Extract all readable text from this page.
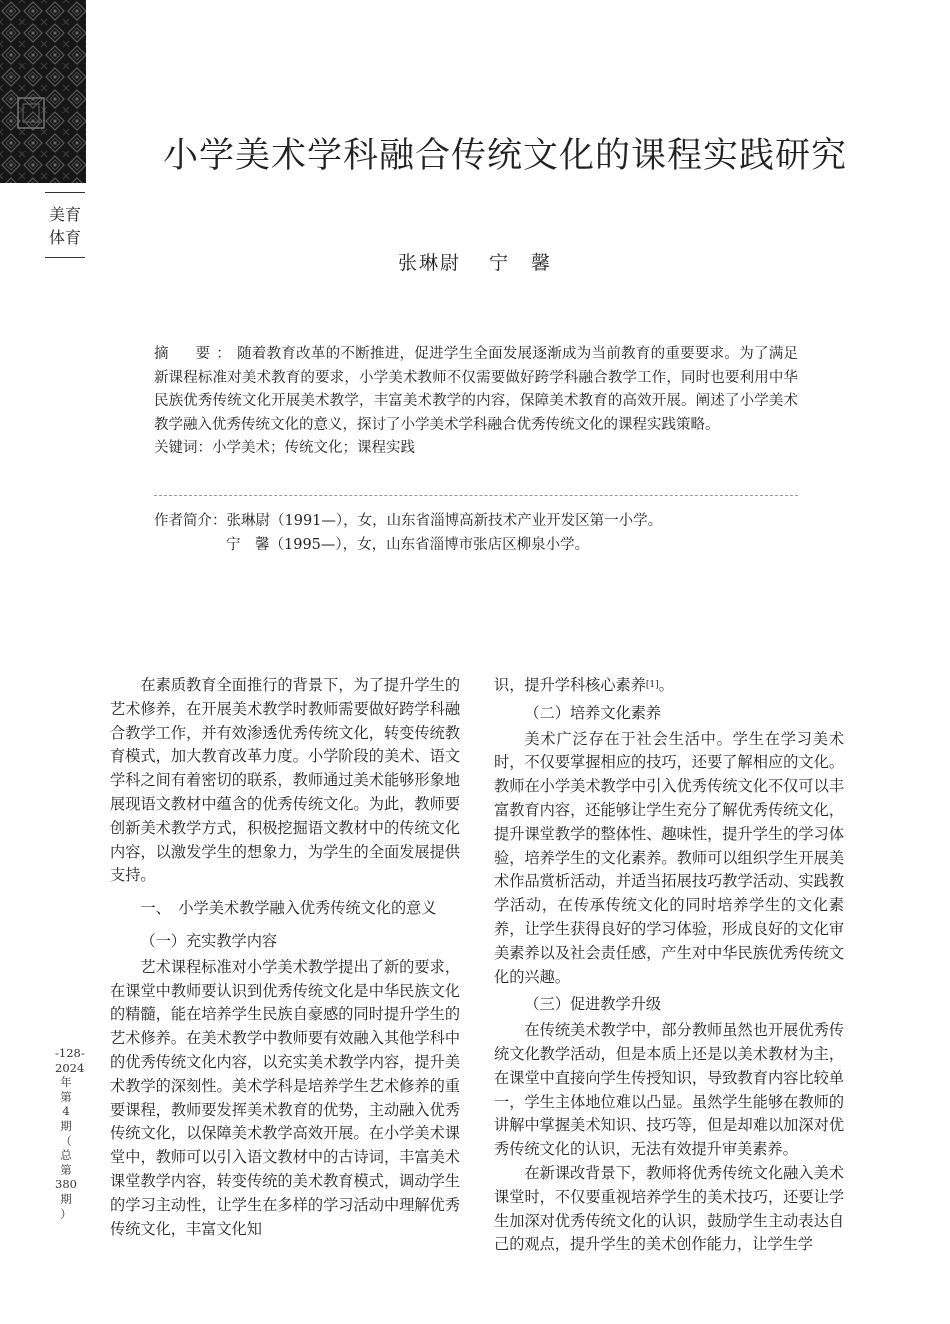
美育
体育
小学美术学科融合传统文化的课程实践研究
张琳尉 宁　馨

摘　要：随着教育改革的不断推进，促进学生全面发展逐渐成为当前教育的重要要求。为了满足新课程标准对美术教育的要求，小学美术教师不仅需要做好跨学科融合教学工作，同时也要利用中华民族优秀传统文化开展美术教学，丰富美术教学的内容，保障美术教育的高效开展。阐述了小学美术教学融入优秀传统文化的意义，探讨了小学美术学科融合优秀传统文化的课程实践策略。

关键词：小学美术；传统文化；课程实践

作者简介：张琳尉（1991—），女，山东省淄博高新技术产业开发区第一小学。
宁　馨（1995—），女，山东省淄博市张店区柳泉小学。

在素质教育全面推行的背景下，为了提升学生的艺术修养，在开展美术教学时教师需要做好跨学科融合教学工作，并有效渗透优秀传统文化，转变传统教育模式，加大教育改革力度。小学阶段的美术、语文学科之间有着密切的联系，教师通过美术能够形象地展现语文教材中蕴含的优秀传统文化。为此，教师要创新美术教学方式，积极挖掘语文教材中的传统文化内容，以激发学生的想象力，为学生的全面发展提供支持。

一、　小学美术教学融入优秀传统文化的意义

（一）充实教学内容

艺术课程标准对小学美术教学提出了新的要求，在课堂中教师要认识到优秀传统文化是中华民族文化的精髓，能在培养学生民族自豪感的同时提升学生的艺术修养。在美术教学中教师要有效融入其他学科中的优秀传统文化内容，以充实美术教学内容，提升美术教学的深刻性。美术学科是培养学生艺术修养的重要课程，教师要发挥美术教育的优势，主动融入优秀传统文化，以保障美术教学高效开展。在小学美术课堂中，教师可以引入语文教材中的古诗词，丰富美术课堂教学内容，转变传统的美术教育模式，调动学生的学习主动性，让学生在多样的学习活动中理解优秀传统文化，丰富文化知

识，提升学科核心素养[1]。

（二）培养文化素养

美术广泛存在于社会生活中。学生在学习美术时，不仅要掌握相应的技巧，还要了解相应的文化。教师在小学美术教学中引入优秀传统文化不仅可以丰富教育内容，还能够让学生充分了解优秀传统文化，提升课堂教学的整体性、趣味性，提升学生的学习体验，培养学生的文化素养。教师可以组织学生开展美术作品赏析活动，并适当拓展技巧教学活动、实践教学活动，在传承传统文化的同时培养学生的文化素养，让学生获得良好的学习体验，形成良好的文化审美素养以及社会责任感，产生对中华民族优秀传统文化的兴趣。

（三）促进教学升级

在传统美术教学中，部分教师虽然也开展优秀传统文化教学活动，但是本质上还是以美术教材为主，在课堂中直接向学生传授知识，导致教育内容比较单一，学生主体地位难以凸显。虽然学生能够在教师的讲解中掌握美术知识、技巧等，但是却难以加深对优秀传统文化的认识，无法有效提升审美素养。

在新课改背景下，教师将优秀传统文化融入美术课堂时，不仅要重视培养学生的美术技巧，还要让学生加深对优秀传统文化的认识，鼓励学生主动表达自己的观点，提升学生的美术创作能力，让学生学

-128-
2024
年
第
4
期
（
总
第
380
期
）
